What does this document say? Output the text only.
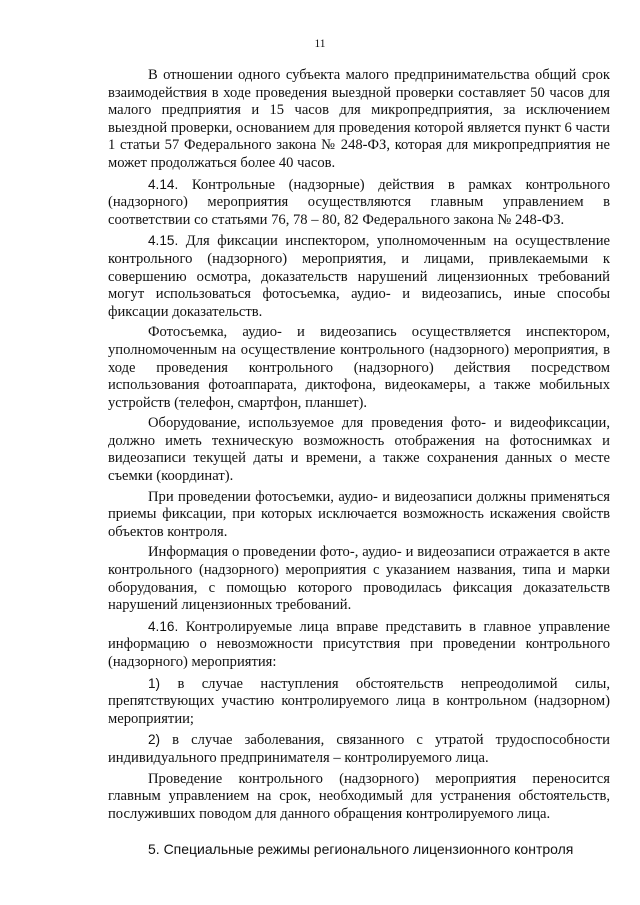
11

В отношении одного субъекта малого предпринимательства общий срок взаимодействия в ходе проведения выездной проверки составляет 50 часов для малого предприятия и 15 часов для микропредприятия, за исключением выездной проверки, основанием для проведения которой является пункт 6 части 1 статьи 57 Федерального закона № 248-ФЗ, которая для микропредприятия не может продолжаться более 40 часов.

4.14. Контрольные (надзорные) действия в рамках контрольного (надзорного) мероприятия осуществляются главным управлением в соответствии со статьями 76, 78 – 80, 82 Федерального закона № 248-ФЗ.

4.15. Для фиксации инспектором, уполномоченным на осуществление контрольного (надзорного) мероприятия, и лицами, привлекаемыми к совершению осмотра, доказательств нарушений лицензионных требований могут использоваться фотосъемка, аудио- и видеозапись, иные способы фиксации доказательств.

Фотосъемка, аудио- и видеозапись осуществляется инспектором, уполномоченным на осуществление контрольного (надзорного) мероприятия, в ходе проведения контрольного (надзорного) действия посредством использования фотоаппарата, диктофона, видеокамеры, а также мобильных устройств (телефон, смартфон, планшет).

Оборудование, используемое для проведения фото- и видеофиксации, должно иметь техническую возможность отображения на фотоснимках и видеозаписи текущей даты и времени, а также сохранения данных о месте съемки (координат).

При проведении фотосъемки, аудио- и видеозаписи должны применяться приемы фиксации, при которых исключается возможность искажения свойств объектов контроля.

Информация о проведении фото-, аудио- и видеозаписи отражается в акте контрольного (надзорного) мероприятия с указанием названия, типа и марки оборудования, с помощью которого проводилась фиксация доказательств нарушений лицензионных требований.

4.16. Контролируемые лица вправе представить в главное управление информацию о невозможности присутствия при проведении контрольного (надзорного) мероприятия:

1) в случае наступления обстоятельств непреодолимой силы, препятствующих участию контролируемого лица в контрольном (надзорном) мероприятии;

2) в случае заболевания, связанного с утратой трудоспособности индивидуального предпринимателя – контролируемого лица.

Проведение контрольного (надзорного) мероприятия переносится главным управлением на срок, необходимый для устранения обстоятельств, послуживших поводом для данного обращения контролируемого лица.

5. Специальные режимы регионального лицензионного контроля
